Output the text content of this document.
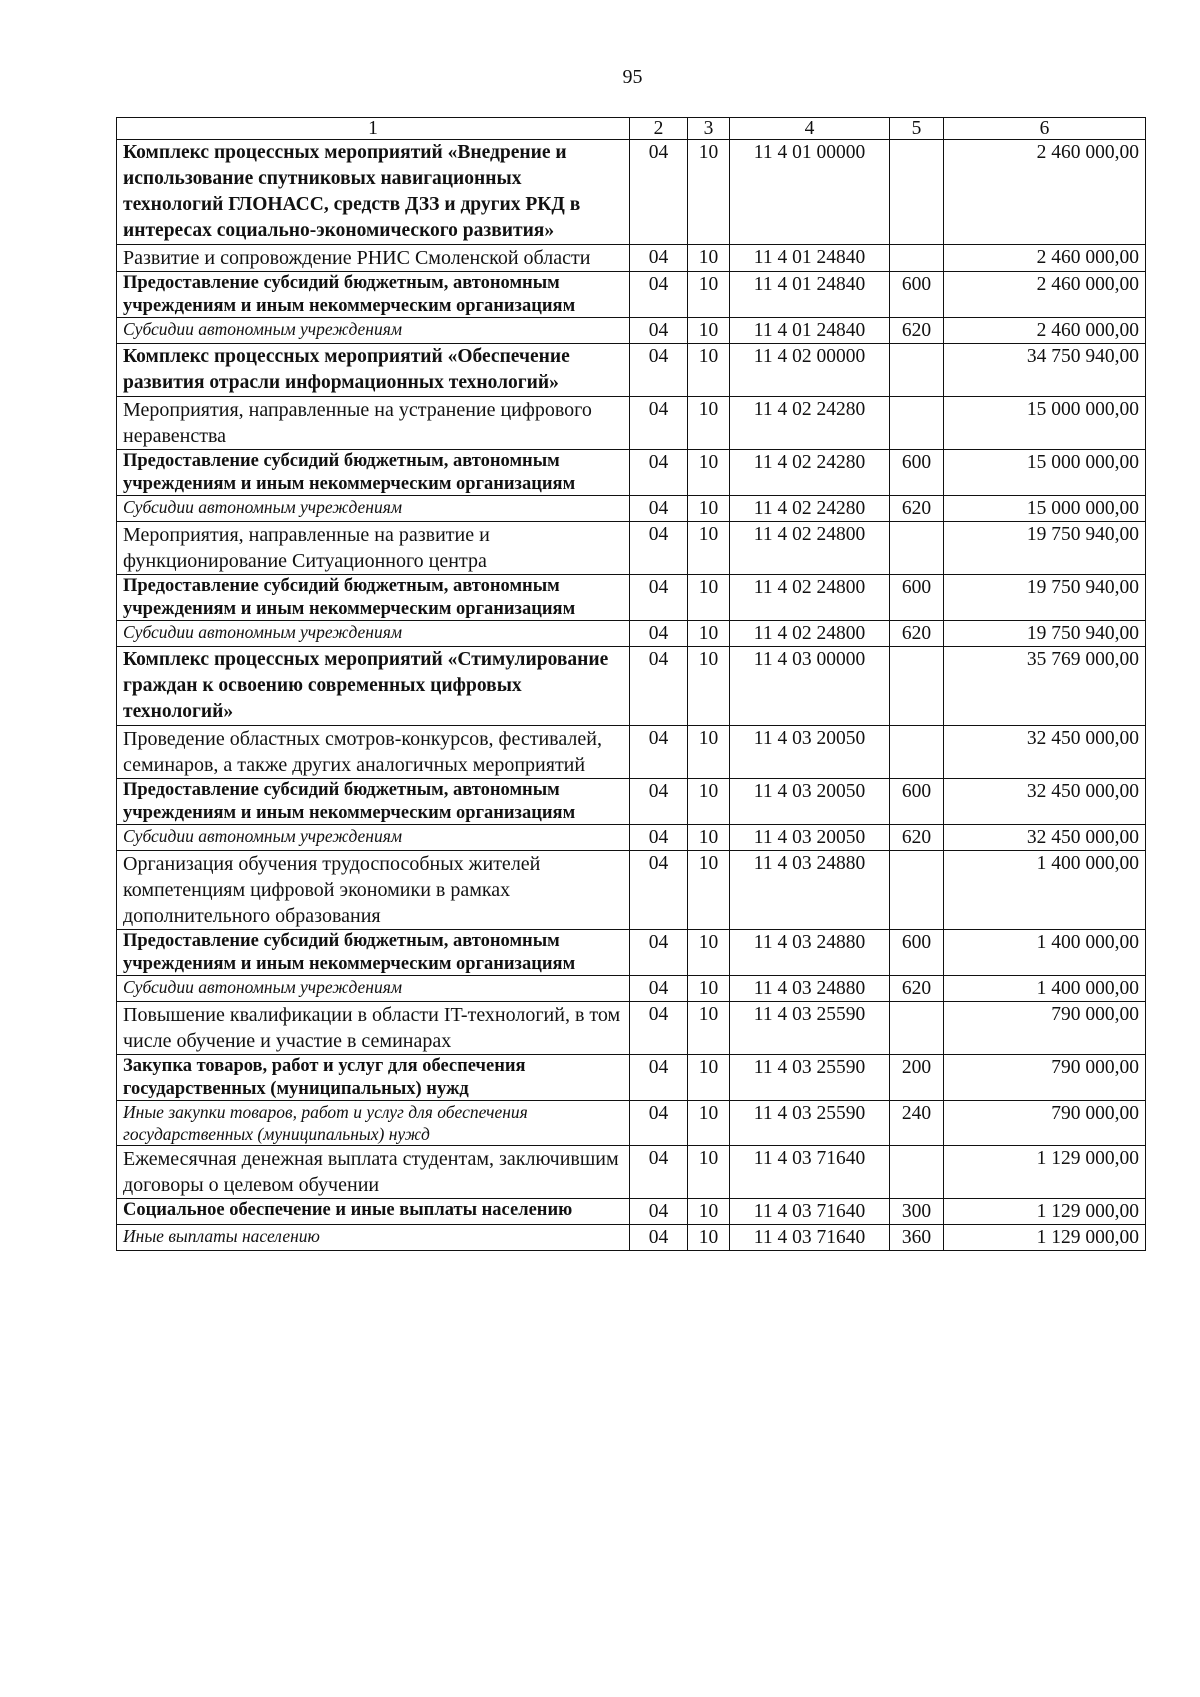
95
1	2	3	4	5	6
Комплекс процессных мероприятий «Внедрение и использование спутниковых навигационных технологий ГЛОНАСС, средств ДЗЗ и других РКД в интересах социально-экономического развития»	04	10	11 4 01 00000		2 460 000,00
Развитие и сопровождение РНИС Смоленской области	04	10	11 4 01 24840		2 460 000,00
Предоставление субсидий бюджетным, автономным учреждениям и иным некоммерческим организациям	04	10	11 4 01 24840	600	2 460 000,00
Субсидии автономным учреждениям	04	10	11 4 01 24840	620	2 460 000,00
Комплекс процессных мероприятий «Обеспечение развития отрасли информационных технологий»	04	10	11 4 02 00000		34 750 940,00
Мероприятия, направленные на устранение цифрового неравенства	04	10	11 4 02 24280		15 000 000,00
Предоставление субсидий бюджетным, автономным учреждениям и иным некоммерческим организациям	04	10	11 4 02 24280	600	15 000 000,00
Субсидии автономным учреждениям	04	10	11 4 02 24280	620	15 000 000,00
Мероприятия, направленные на развитие и функционирование Ситуационного центра	04	10	11 4 02 24800		19 750 940,00
Предоставление субсидий бюджетным, автономным учреждениям и иным некоммерческим организациям	04	10	11 4 02 24800	600	19 750 940,00
Субсидии автономным учреждениям	04	10	11 4 02 24800	620	19 750 940,00
Комплекс процессных мероприятий «Стимулирование граждан к освоению современных цифровых технологий»	04	10	11 4 03 00000		35 769 000,00
Проведение областных смотров-конкурсов, фестивалей, семинаров, а также других аналогичных мероприятий	04	10	11 4 03 20050		32 450 000,00
Предоставление субсидий бюджетным, автономным учреждениям и иным некоммерческим организациям	04	10	11 4 03 20050	600	32 450 000,00
Субсидии автономным учреждениям	04	10	11 4 03 20050	620	32 450 000,00
Организация обучения трудоспособных жителей компетенциям цифровой экономики в рамках дополнительного образования	04	10	11 4 03 24880		1 400 000,00
Предоставление субсидий бюджетным, автономным учреждениям и иным некоммерческим организациям	04	10	11 4 03 24880	600	1 400 000,00
Субсидии автономным учреждениям	04	10	11 4 03 24880	620	1 400 000,00
Повышение квалификации в области IT-технологий, в том числе обучение и участие в семинарах	04	10	11 4 03 25590		790 000,00
Закупка товаров, работ и услуг для обеспечения государственных (муниципальных) нужд	04	10	11 4 03 25590	200	790 000,00
Иные закупки товаров, работ и услуг для обеспечения государственных (муниципальных) нужд	04	10	11 4 03 25590	240	790 000,00
Ежемесячная денежная выплата студентам, заключившим договоры о целевом обучении	04	10	11 4 03 71640		1 129 000,00
Социальное обеспечение и иные выплаты населению	04	10	11 4 03 71640	300	1 129 000,00
Иные выплаты населению	04	10	11 4 03 71640	360	1 129 000,00
